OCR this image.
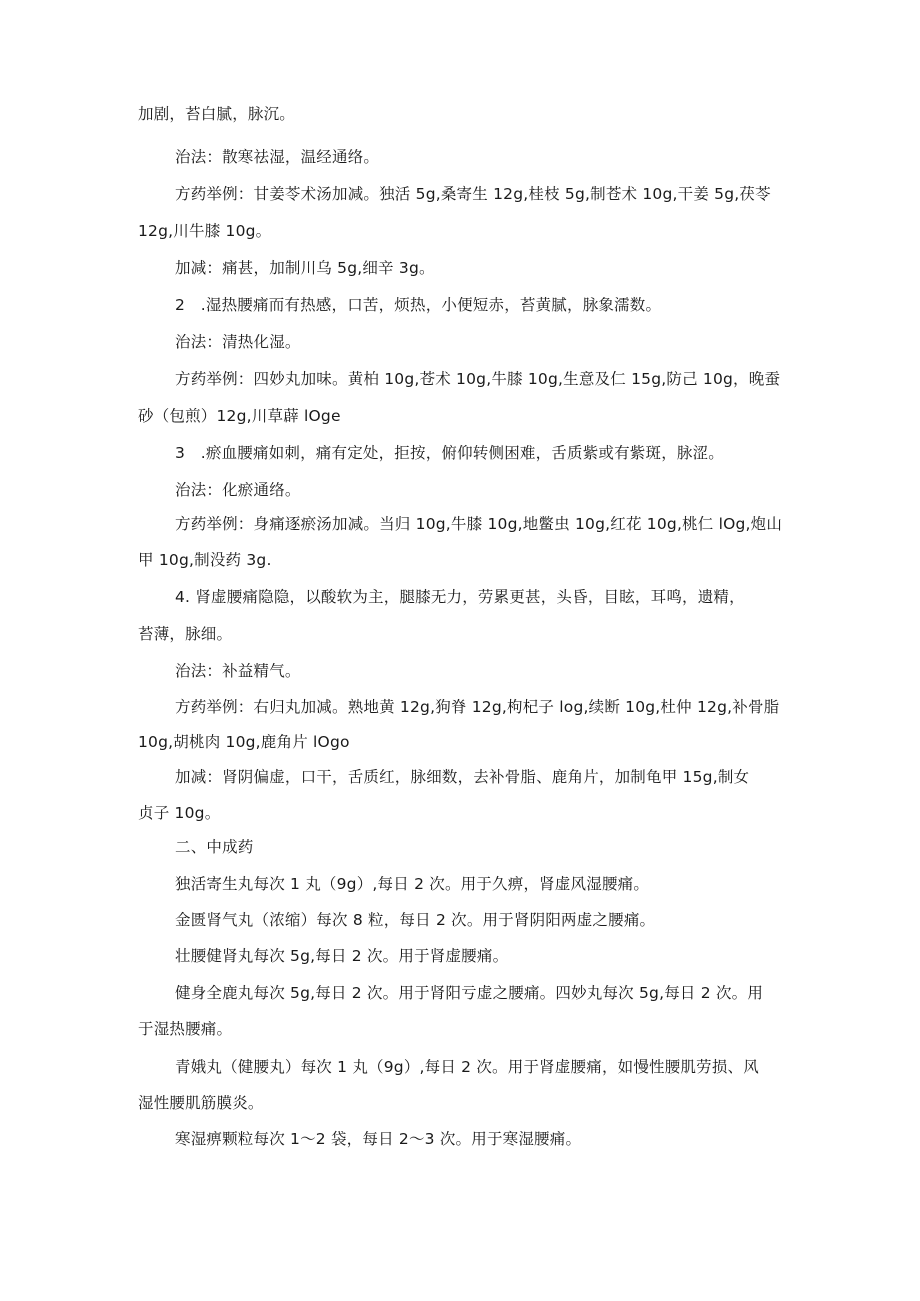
加剧，苔白腻，脉沉。
治法：散寒祛湿，温经通络。
方药举例：甘姜苓术汤加减。独活 5g,桑寄生 12g,桂枝 5g,制苍术 10g,干姜 5g,茯苓
12g,川牛膝 10g。
加减：痛甚，加制川乌 5g,细辛 3g。
2　.湿热腰痛而有热感，口苦，烦热，小便短赤，苔黄腻，脉象濡数。
治法：清热化湿。
方药举例：四妙丸加味。黄柏 10g,苍术 10g,牛膝 10g,生意及仁 15g,防己 10g，晚蚕
砂（包煎）12g,川草薜 lOge
3　.瘀血腰痛如刺，痛有定处，拒按，俯仰转侧困难，舌质紫或有紫斑，脉涩。
治法：化瘀通络。
方药举例：身痛逐瘀汤加减。当归 10g,牛膝 10g,地鳖虫 10g,红花 10g,桃仁 lOg,炮山
甲 10g,制没药 3g.
4. 肾虚腰痛隐隐，以酸软为主，腿膝无力，劳累更甚，头昏，目眩，耳鸣，遗精，
苔薄，脉细。
治法：补益精气。
方药举例：右归丸加减。熟地黄 12g,狗脊 12g,枸杞子 log,续断 10g,杜仲 12g,补骨脂
10g,胡桃肉 10g,鹿角片 lOgo
加减：肾阴偏虚，口干，舌质红，脉细数，去补骨脂、鹿角片，加制龟甲 15g,制女
贞子 10g。
二、中成药
独活寄生丸每次 1 丸（9g）,每日 2 次。用于久痹，肾虚风湿腰痛。
金匮肾气丸（浓缩）每次 8 粒，每日 2 次。用于肾阴阳两虚之腰痛。
壮腰健肾丸每次 5g,每日 2 次。用于肾虚腰痛。
健身全鹿丸每次 5g,每日 2 次。用于肾阳亏虚之腰痛。四妙丸每次 5g,每日 2 次。用
于湿热腰痛。
青娥丸（健腰丸）每次 1 丸（9g）,每日 2 次。用于肾虚腰痛，如慢性腰肌劳损、风
湿性腰肌筋膜炎。
寒湿痹颗粒每次 1～2 袋，每日 2～3 次。用于寒湿腰痛。
